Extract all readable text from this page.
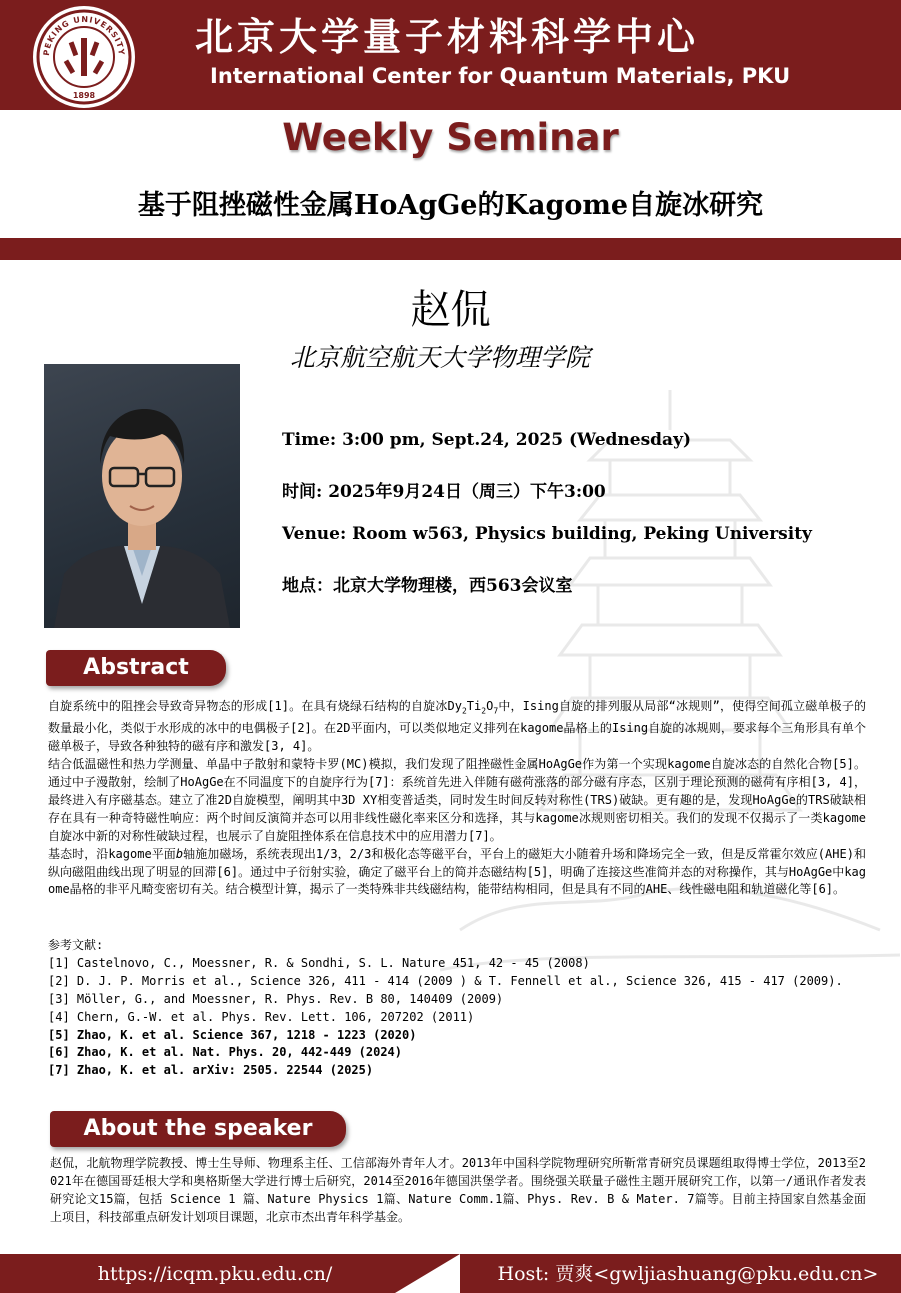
PEKING UNIVERSITY
1898
北京大学量子材料科学中心
International Center for Quantum Materials, PKU
Weekly Seminar
基于阻挫磁性金属HoAgGe的Kagome自旋冰研究
赵侃
北京航空航天大学物理学院
Time: 3:00 pm, Sept.24, 2025 (Wednesday)
时间: 2025年9月24日（周三）下午3:00
Venue: Room w563, Physics building, Peking University
地点：北京大学物理楼，西563会议室
Abstract

自旋系统中的阻挫会导致奇异物态的形成[1]。在具有烧绿石结构的自旋冰$Dy_2Ti_2O_7$中，Ising自旋的排列服从局部“冰规则”，使得空间孤立磁单极子的数量最小化，类似于水形成的冰中的电偶极子[2]。在2D平面内，可以类似地定义排列在kagome晶格上的Ising自旋的冰规则，要求每个三角形具有单个磁单极子，导致各种独特的磁有序和激发[3, 4]。

结合低温磁性和热力学测量、单晶中子散射和蒙特卡罗(MC)模拟，我们发现了阻挫磁性金属HoAgGe作为第一个实现kagome自旋冰态的自然化合物[5]。通过中子漫散射，绘制了HoAgGe在不同温度下的自旋序行为[7]：系统首先进入伴随有磁荷涨落的部分磁有序态，区别于理论预测的磁荷有序相[3, 4]，最终进入有序磁基态。建立了准2D自旋模型，阐明其中3D XY相变普适类，同时发生时间反转对称性(TRS)破缺。更有趣的是，发现HoAgGe的TRS破缺相存在具有一种奇特磁性响应：两个时间反演简并态可以用非线性磁化率来区分和选择，其与kagome冰规则密切相关。我们的发现不仅揭示了一类kagome自旋冰中新的对称性破缺过程，也展示了自旋阻挫体系在信息技术中的应用潜力[7]。

基态时，沿kagome平面b轴施加磁场，系统表现出1/3，2/3和极化态等磁平台，平台上的磁矩大小随着升场和降场完全一致，但是反常霍尔效应(AHE)和纵向磁阻曲线出现了明显的回滞[6]。通过中子衍射实验，确定了磁平台上的简并态磁结构[5]，明确了连接这些准简并态的对称操作，其与HoAgGe中kagome晶格的非平凡畸变密切有关。结合模型计算，揭示了一类特殊非共线磁结构，能带结构相同，但是具有不同的AHE、线性磁电阻和轨道磁化等[6]。

参考文献:
[1] Castelnovo, C., Moessner, R. & Sondhi, S. L. Nature 451, 42 - 45 (2008)
[2] D. J. P. Morris et al., Science 326, 411 - 414 (2009 ) & T. Fennell et al., Science 326, 415 - 417 (2009).
[3] Möller, G., and Moessner, R. Phys. Rev. B 80, 140409 (2009)
[4] Chern, G.-W. et al. Phys. Rev. Lett. 106, 207202 (2011)
[5] Zhao, K. et al. Science 367, 1218 - 1223 (2020)
[6] Zhao, K. et al. Nat. Phys. 20, 442-449 (2024)
[7] Zhao, K. et al. arXiv: 2505. 22544 (2025)
About the speaker
赵侃，北航物理学院教授、博士生导师、物理系主任、工信部海外青年人才。2013年中国科学院物理研究所靳常青研究员课题组取得博士学位，2013至2021年在德国哥廷根大学和奥格斯堡大学进行博士后研究，2014至2016年德国洪堡学者。围绕强关联量子磁性主题开展研究工作，以第一/通讯作者发表研究论文15篇，包括 Science 1 篇、Nature Physics 1篇、Nature Comm.1篇、Phys. Rev. B & Mater. 7篇等。目前主持国家自然基金面上项目，科技部重点研发计划项目课题，北京市杰出青年科学基金。
https://icqm.pku.edu.cn/	Host: 贾爽<gwljiashuang@pku.edu.cn>
